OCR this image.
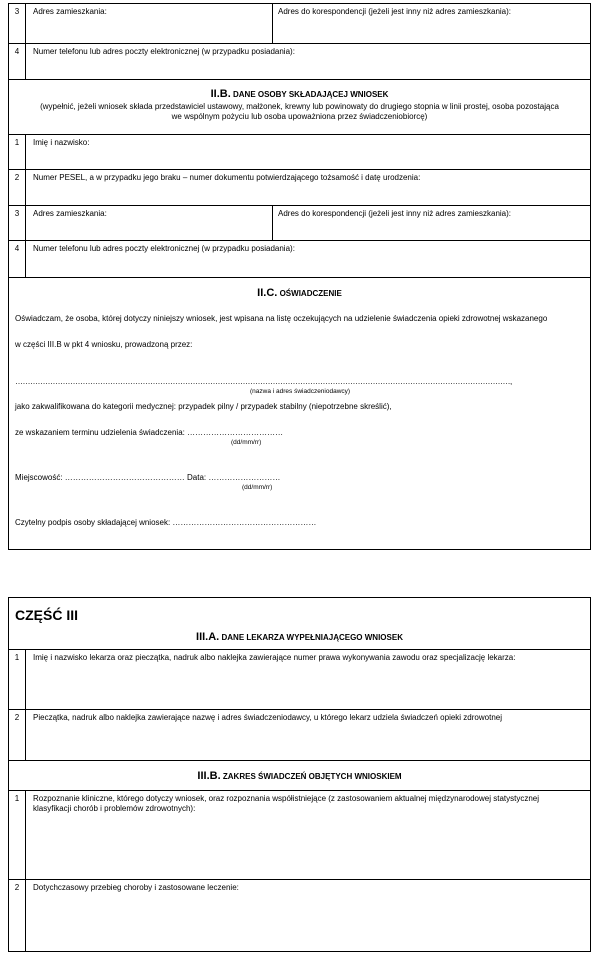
3	Adres zamieszkania:	Adres do korespondencji (jeżeli jest inny niż adres zamieszkania):
4	Numer telefonu lub adres poczty elektronicznej (w przypadku posiadania):
II.B. DANE OSOBY SKŁADAJĄCEJ WNIOSEK
(wypełnić, jeżeli wniosek składa przedstawiciel ustawowy, małżonek, krewny lub powinowaty do drugiego stopnia w linii prostej, osoba pozostająca
we wspólnym pożyciu lub osoba upoważniona przez świadczeniobiorcę)
1	Imię i nazwisko:
2	Numer PESEL, a w przypadku jego braku – numer dokumentu potwierdzającego tożsamość i datę urodzenia:
3	Adres zamieszkania:	Adres do korespondencji (jeżeli jest inny niż adres zamieszkania):
4	Numer telefonu lub adres poczty elektronicznej (w przypadku posiadania):
II.C. OŚWIADCZENIE
Oświadczam, że osoba, której dotyczy niniejszy wniosek, jest wpisana na listę oczekujących na udzielenie świadczenia opieki zdrowotnej wskazanego
w części III.B w pkt 4 wniosku, prowadzoną przez:
………………………………………………………………………………………………………………………………………………………………………………,
(nazwa i adres świadczeniodawcy)
jako zakwalifikowana do kategorii medycznej: przypadek pilny / przypadek stabilny (niepotrzebne skreślić),
ze wskazaniem terminu udzielenia świadczenia: ………………………………
(dd/mm/rr)
Miejscowość: ……………………………………… Data: ………………………
(dd/mm/rr)
Czytelny podpis osoby składającej wniosek: ………………………………………………
CZĘŚĆ III
III.A. DANE LEKARZA WYPEŁNIAJĄCEGO WNIOSEK
1	Imię i nazwisko lekarza oraz pieczątka, nadruk albo naklejka zawierające numer prawa wykonywania zawodu oraz specjalizację lekarza:
2	Pieczątka, nadruk albo naklejka zawierające nazwę i adres świadczeniodawcy, u którego lekarz udziela świadczeń opieki zdrowotnej
III.B. ZAKRES ŚWIADCZEŃ OBJĘTYCH WNIOSKIEM
1	Rozpoznanie kliniczne, którego dotyczy wniosek, oraz rozpoznania współistniejące (z zastosowaniem aktualnej międzynarodowej statystycznej
klasyfikacji chorób i problemów zdrowotnych):
2	Dotychczasowy przebieg choroby i zastosowane leczenie:
